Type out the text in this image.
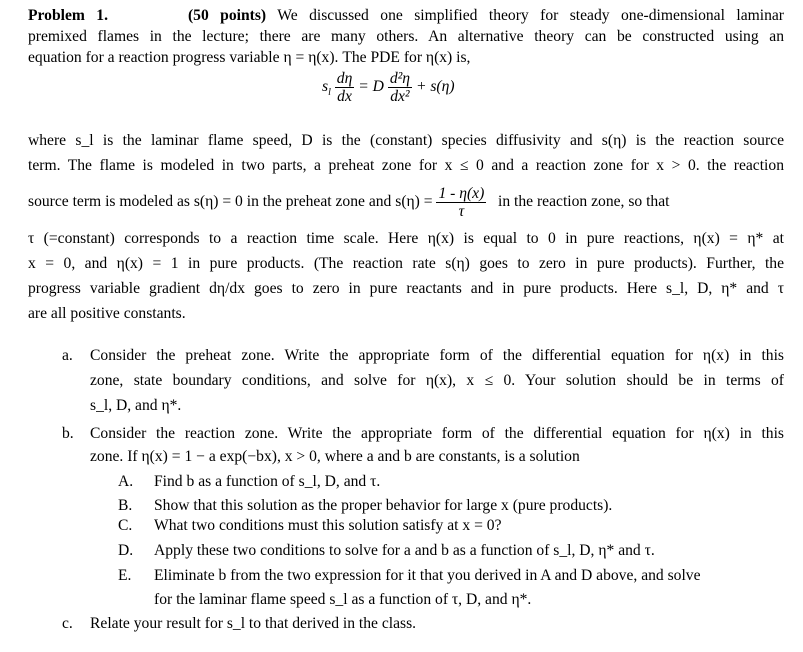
Problem 1.	(50 points) We discussed one simplified theory for steady one-dimensional laminar
premixed flames in the lecture; there are many others. An alternative theory can be constructed using an
equation for a reaction progress variable η = η(x). The PDE for η(x) is,
$s_l \frac{d\eta}{dx} = D \frac{\text{d²η}}{\text{dx²}} + s(\eta)$
where s_l is the laminar flame speed, D is the (constant) species diffusivity and s(η) is the reaction source
term. The flame is modeled in two parts, a preheat zone for x ≤ 0 and a reaction zone for x > 0. the reaction
source term is modeled as s(η) = 0 in the preheat zone and $s(\eta) = \frac{1 - \eta(x)}{\tau}$ in the reaction zone, so that
τ (=constant) corresponds to a reaction time scale. Here η(x) is equal to 0 in pure reactions, η(x) = η* at
x = 0, and η(x) = 1 in pure products. (The reaction rate s(η) goes to zero in pure products). Further, the
progress variable gradient dη/dx goes to zero in pure reactants and in pure products. Here s_l, D, η* and τ
are all positive constants.
a. Consider the preheat zone. Write the appropriate form of the differential equation for η(x) in this
zone, state boundary conditions, and solve for η(x), x ≤ 0. Your solution should be in terms of
s_l, D, and η*.
b. Consider the reaction zone. Write the appropriate form of the differential equation for η(x) in this
zone. If η(x) = 1 − a exp(−bx), x > 0, where a and b are constants, is a solution
A. Find b as a function of s_l, D, and τ.
B. Show that this solution as the proper behavior for large x (pure products).
C. What two conditions must this solution satisfy at x = 0?
D. Apply these two conditions to solve for a and b as a function of s_l, D, η* and τ.
E. Eliminate b from the two expression for it that you derived in A and D above, and solve
for the laminar flame speed s_l as a function of τ, D, and η*.
c. Relate your result for s_l to that derived in the class.
